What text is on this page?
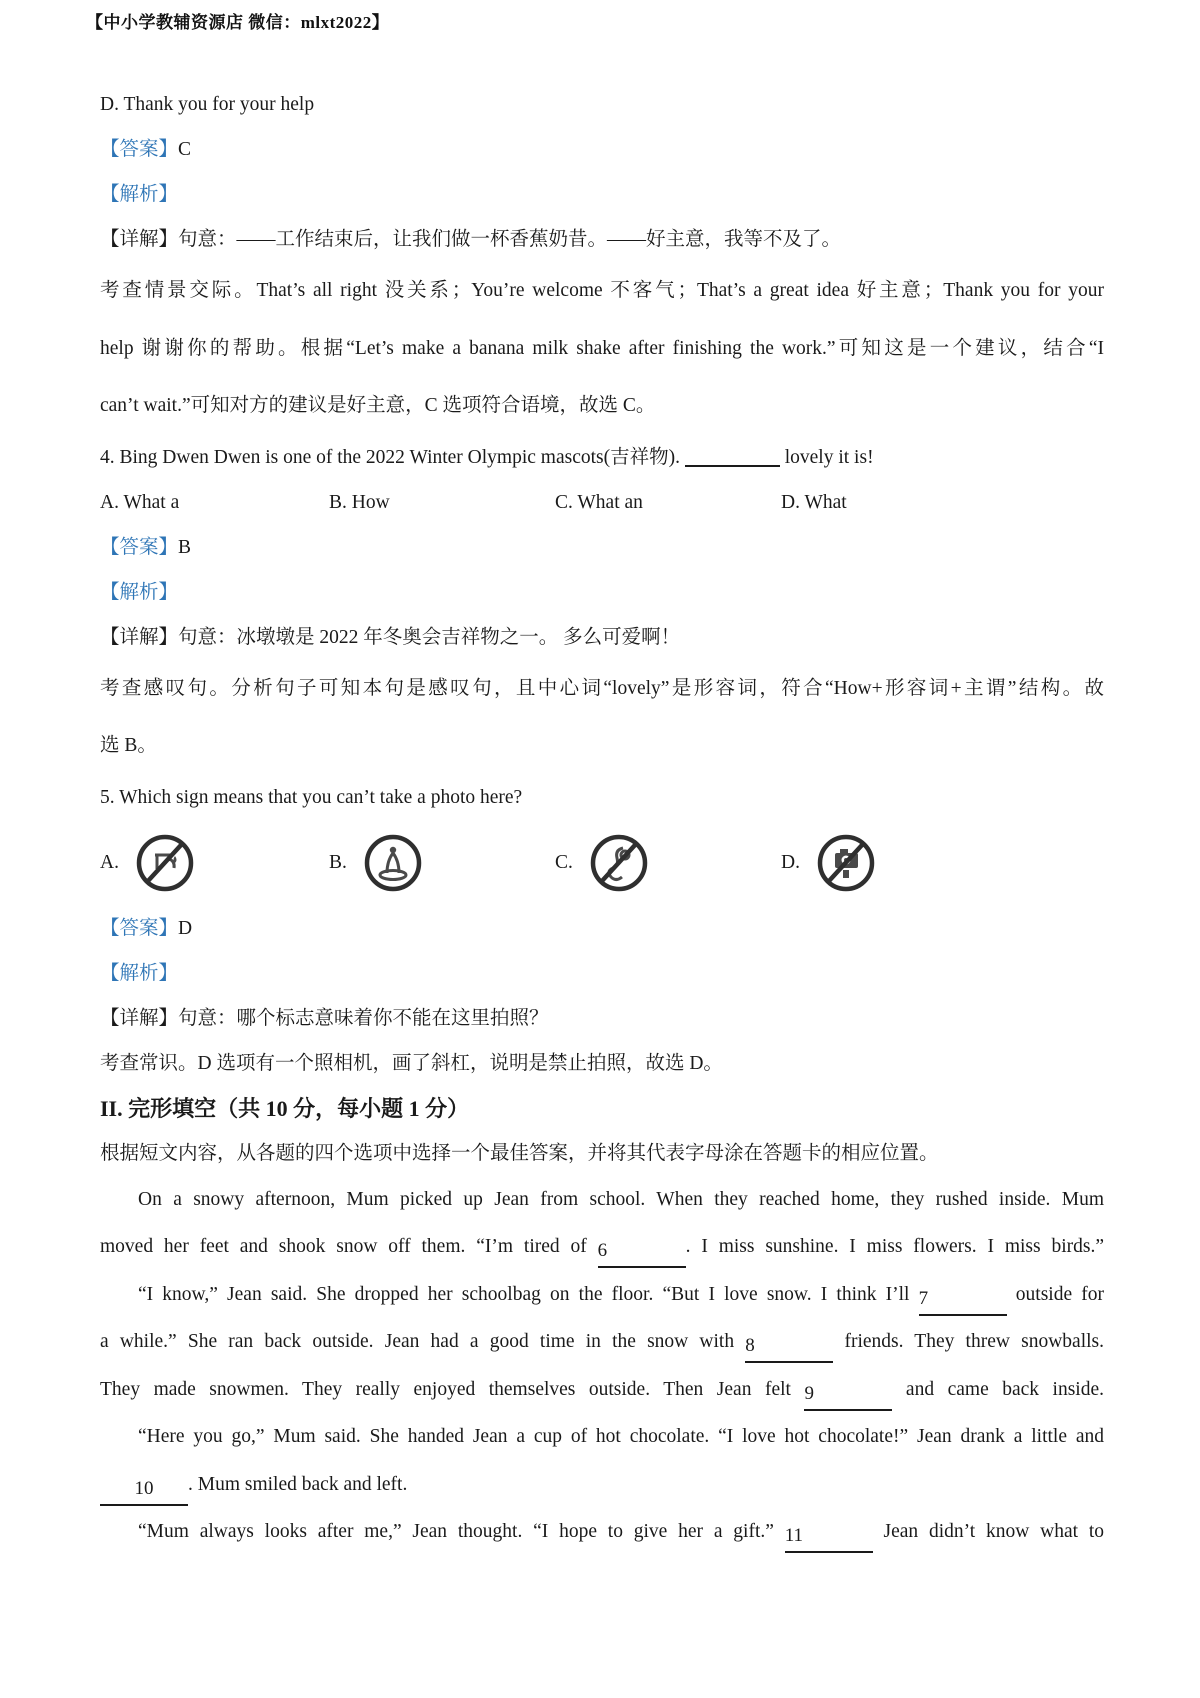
【中小学教辅资源店 微信：mlxt2022】
D. Thank you for your help
【答案】C
【解析】
【详解】句意：——工作结束后，让我们做一杯香蕉奶昔。——好主意，我等不及了。
考查情景交际。That’s all right 没关系；You’re welcome 不客气；That’s a great idea 好主意；Thank you for your
help 谢谢你的帮助。根据“Let’s make a banana milk shake after finishing the work.”可知这是一个建议，结合“I
can’t wait.”可知对方的建议是好主意，C 选项符合语境，故选 C。
4. Bing Dwen Dwen is one of the 2022 Winter Olympic mascots(吉祥物).	lovely it is!
A. What a	B. How	C. What an	D. What
【答案】B
【解析】
【详解】句意：冰墩墩是 2022 年冬奥会吉祥物之一。 多么可爱啊！
考查感叹句。分析句子可知本句是感叹句，且中心词“lovely”是形容词，符合“How+形容词+主谓”结构。故
选 B。
5. Which sign means that you can’t take a photo here?
A.	B.	C.	D.
【答案】D
【解析】
【详解】句意：哪个标志意味着你不能在这里拍照？
考查常识。D 选项有一个照相机，画了斜杠，说明是禁止拍照，故选 D。
II. 完形填空（共 10 分，每小题 1 分）
根据短文内容，从各题的四个选项中选择一个最佳答案，并将其代表字母涂在答题卡的相应位置。
On a snowy afternoon, Mum picked up Jean from school. When they reached home, they rushed inside. Mum
moved her feet and shook snow off them. “I’m tired of 6	. I miss sunshine. I miss flowers. I miss birds.”
“I know,” Jean said. She dropped her schoolbag on the floor. “But I love snow. I think I’ll 7	outside for
a while.” She ran back outside. Jean had a good time in the snow with 8	friends. They threw snowballs.
They made snowmen. They really enjoyed themselves outside. Then Jean felt 9	and came back inside.
“Here you go,” Mum said. She handed Jean a cup of hot chocolate. “I love hot chocolate!” Jean drank a little and
10 . Mum smiled back and left.
“Mum always looks after me,” Jean thought. “I hope to give her a gift.” 11	Jean didn’t know what to
